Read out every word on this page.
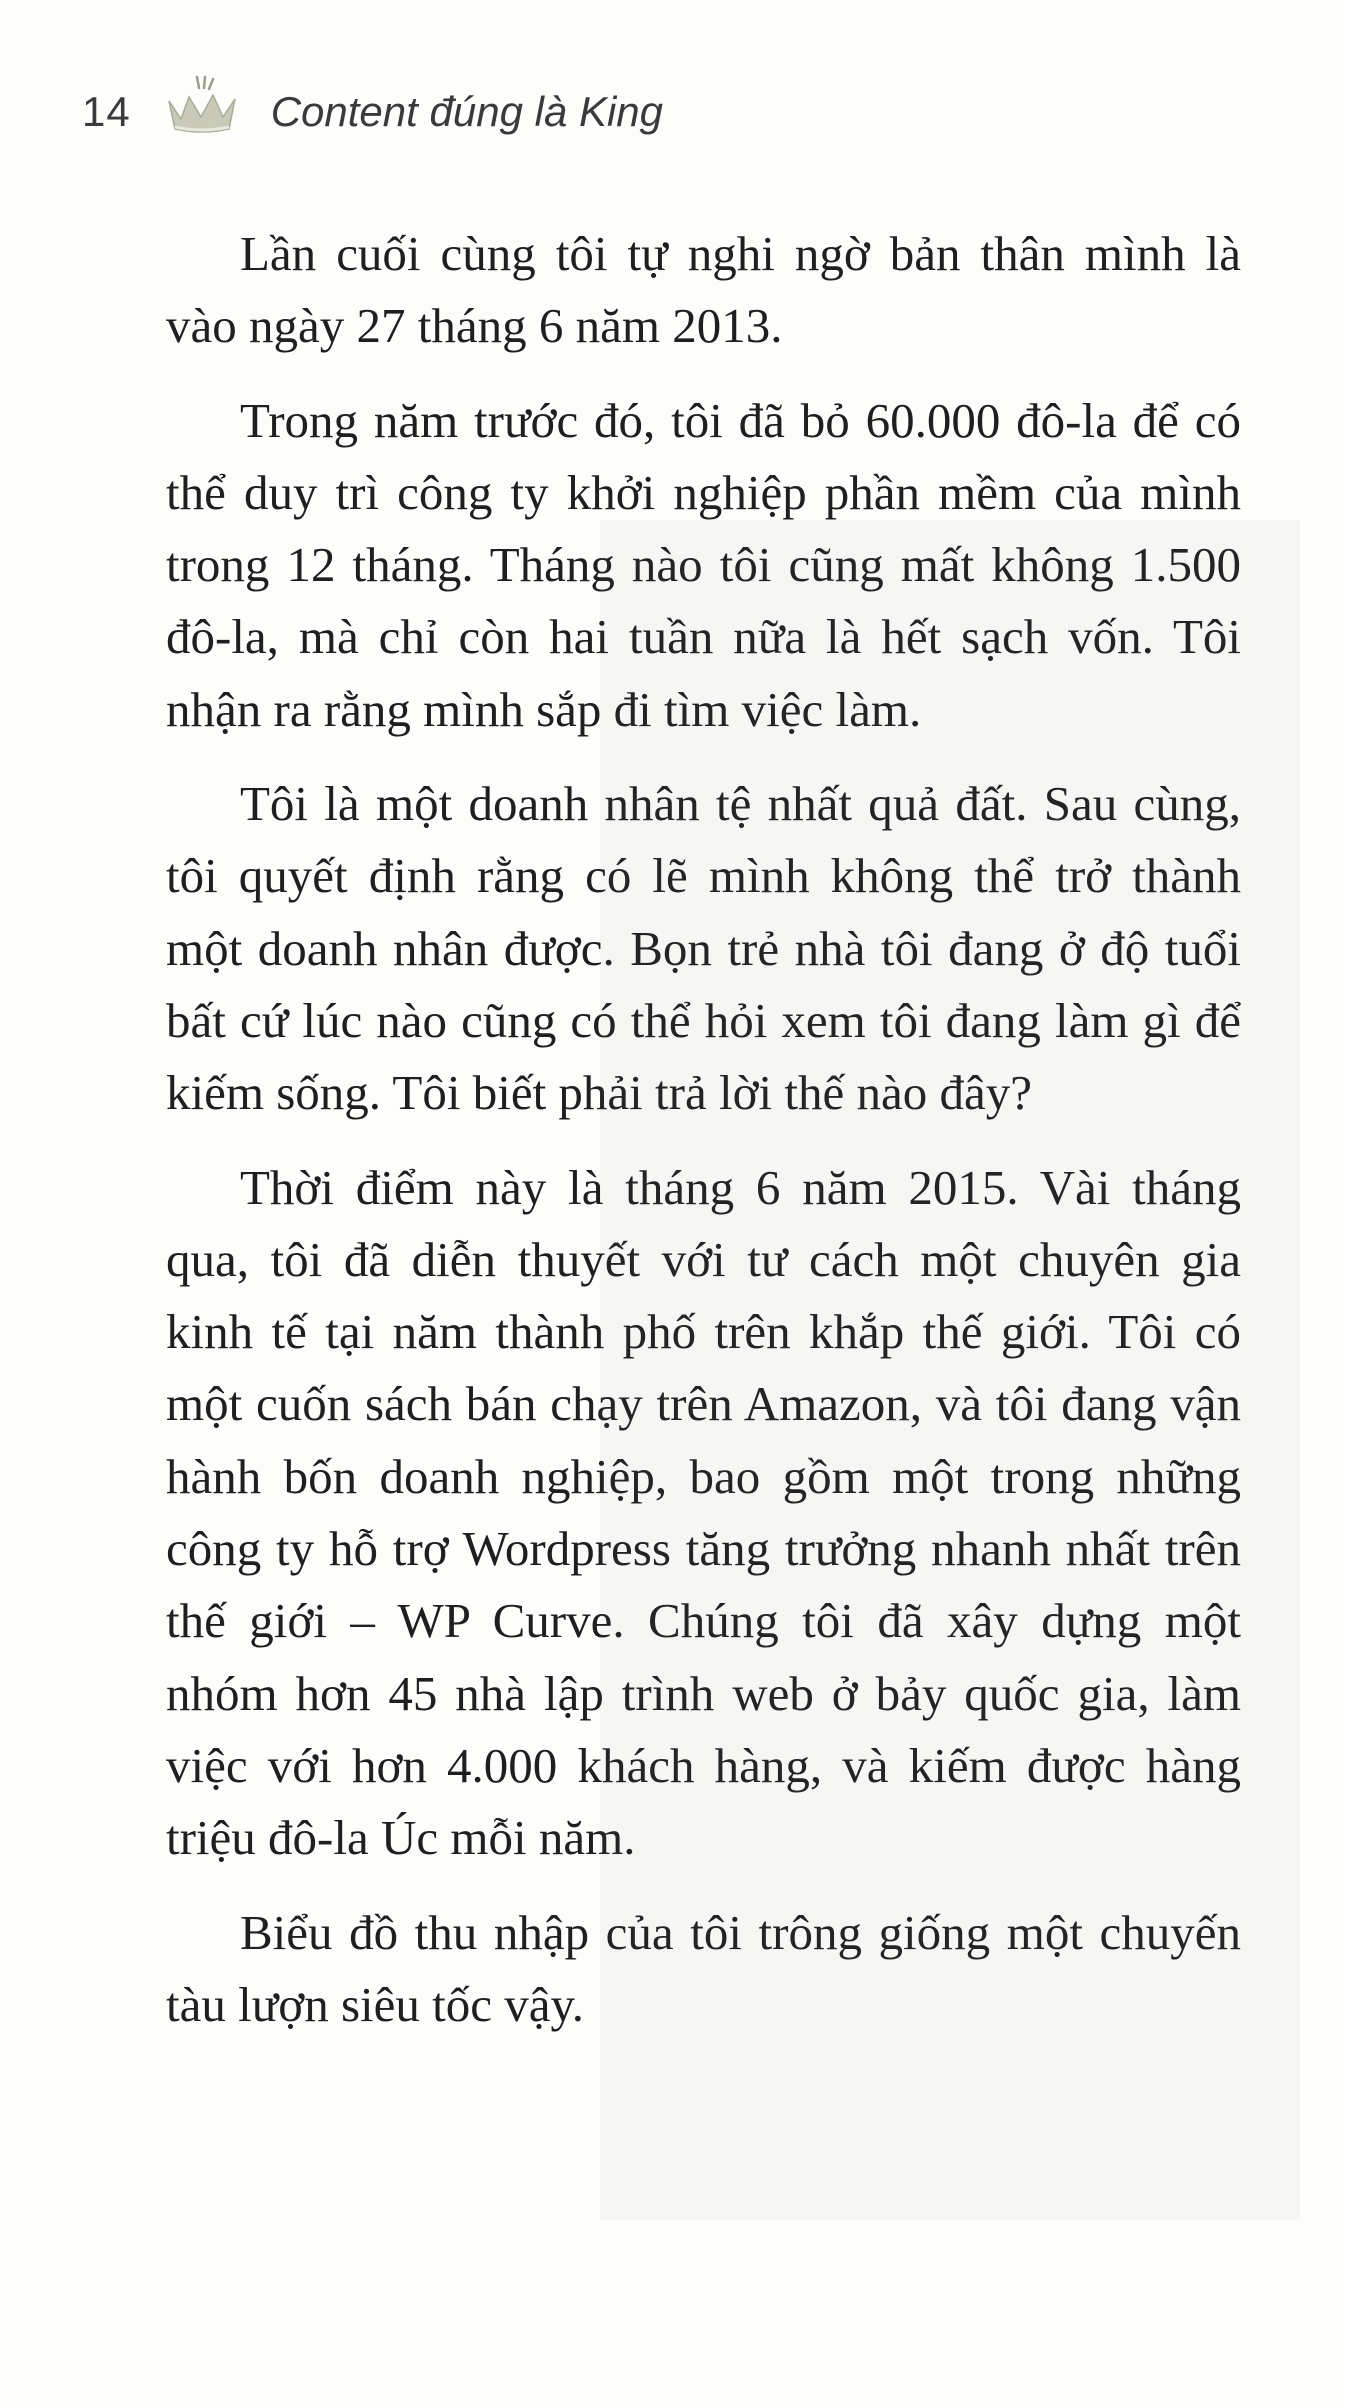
14	Content đúng là King

Lần cuối cùng tôi tự nghi ngờ bản thân mình là vào ngày 27 tháng 6 năm 2013.

Trong năm trước đó, tôi đã bỏ 60.000 đô-la để có thể duy trì công ty khởi nghiệp phần mềm của mình trong 12 tháng. Tháng nào tôi cũng mất không 1.500 đô-la, mà chỉ còn hai tuần nữa là hết sạch vốn. Tôi nhận ra rằng mình sắp đi tìm việc làm.

Tôi là một doanh nhân tệ nhất quả đất. Sau cùng, tôi quyết định rằng có lẽ mình không thể trở thành một doanh nhân được. Bọn trẻ nhà tôi đang ở độ tuổi bất cứ lúc nào cũng có thể hỏi xem tôi đang làm gì để kiếm sống. Tôi biết phải trả lời thế nào đây?

Thời điểm này là tháng 6 năm 2015. Vài tháng qua, tôi đã diễn thuyết với tư cách một chuyên gia kinh tế tại năm thành phố trên khắp thế giới. Tôi có một cuốn sách bán chạy trên Amazon, và tôi đang vận hành bốn doanh nghiệp, bao gồm một trong những công ty hỗ trợ Wordpress tăng trưởng nhanh nhất trên thế giới – WP Curve. Chúng tôi đã xây dựng một nhóm hơn 45 nhà lập trình web ở bảy quốc gia, làm việc với hơn 4.000 khách hàng, và kiếm được hàng triệu đô-la Úc mỗi năm.

Biểu đồ thu nhập của tôi trông giống một chuyến tàu lượn siêu tốc vậy.
